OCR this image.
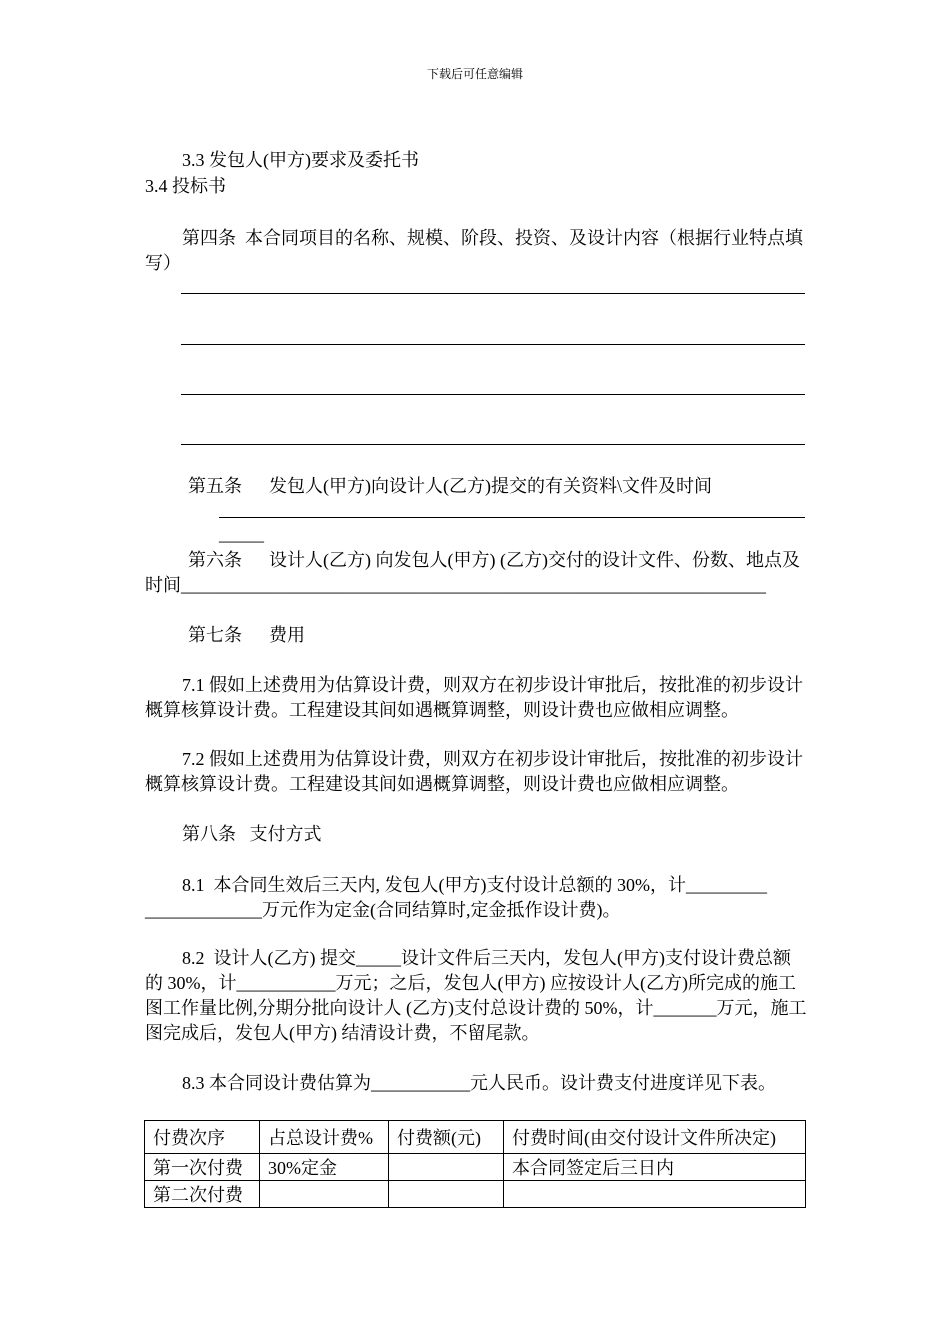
下载后可任意编辑

3.3 发包人(甲方)要求及委托书

3.4 投标书

第四条  本合同项目的名称、规模、阶段、投资、及设计内容（根据行业特点填写）

第五条      发包人(甲方)向设计人(乙方)提交的有关资料\文件及时间

_____

第六条      设计人(乙方) 向发包人(甲方) (乙方)交付的设计文件、份数、地点及时间_________________________________________________________________

第七条      费用

7.1 假如上述费用为估算设计费，则双方在初步设计审批后，按批准的初步设计概算核算设计费。工程建设其间如遇概算调整，则设计费也应做相应调整。

7.2 假如上述费用为估算设计费，则双方在初步设计审批后，按批准的初步设计概算核算设计费。工程建设其间如遇概算调整，则设计费也应做相应调整。

第八条   支付方式

8.1  本合同生效后三天内, 发包人(甲方)支付设计总额的 30%，计_________ _____________万元作为定金(合同结算时,定金抵作设计费)。

8.2  设计人(乙方) 提交_____设计文件后三天内，发包人(甲方)支付设计费总额的 30%，计___________万元；之后，发包人(甲方) 应按设计人(乙方)所完成的施工图工作量比例,分期分批向设计人 (乙方)支付总设计费的 50%，计_______万元，施工图完成后，发包人(甲方) 结清设计费，不留尾款。

8.3 本合同设计费估算为___________元人民币。设计费支付进度详见下表。

付费次序	占总设计费%	付费额(元)	付费时间(由交付设计文件所决定)
第一次付费	30%定金		本合同签定后三日内
第二次付费			
